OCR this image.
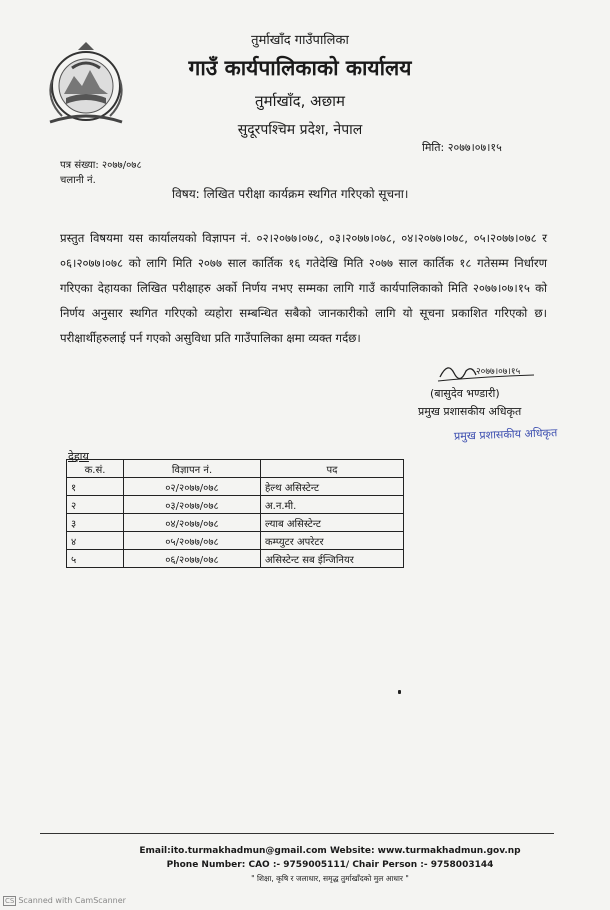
तुर्माखाँद गाउँपालिका
गाउँ कार्यपालिकाको कार्यालय
तुर्माखाँद, अछाम
सुदूरपश्चिम प्रदेश, नेपाल
मिति: २०७७।०७।१५
पत्र संख्या: २०७७/०७८
चलानी नं.
विषय: लिखित परीक्षा कार्यक्रम स्थगित गरिएको सूचना।
प्रस्तुत विषयमा यस कार्यालयको विज्ञापन नं. ०२।२०७७।०७८, ०३।२०७७।०७८, ०४।२०७७।०७८, ०५।२०७७।०७८ र ०६।२०७७।०७८ को लागि मिति २०७७ साल कार्तिक १६ गतेदेखि मिति २०७७ साल कार्तिक १८ गतेसम्म निर्धारण गरिएका देहायका लिखित परीक्षाहरु अर्को निर्णय नभए सम्मका लागि गाउँ कार्यपालिकाको मिति २०७७।०७।१५ को निर्णय अनुसार स्थगित गरिएको व्यहोरा सम्बन्धित सबैको जानकारीको लागि यो सूचना प्रकाशित गरिएको छ। परीक्षार्थीहरुलाई पर्न गएको असुविधा प्रति गाउँपालिका क्षमा व्यक्त गर्दछ।
२०७७।०७।१५
(बासुदेव भण्डारी)
प्रमुख प्रशासकीय अधिकृत
प्रमुख प्रशासकीय अधिकृत
देहाय
क.सं.	विज्ञापन नं.	पद
१	०२/२०७७/०७८	हेल्थ असिस्टेन्ट
२	०३/२०७७/०७८	अ.न.मी.
३	०४/२०७७/०७८	ल्याब असिस्टेन्ट
४	०५/२०७७/०७८	कम्प्युटर अपरेटर
५	०६/२०७७/०७८	असिस्टेन्ट सब ईन्जिनियर
Email:ito.turmakhadmun@gmail.com Website: www.turmakhadmun.gov.np
Phone Number: CAO :- 9759005111/ Chair Person :- 9758003144
" शिक्षा, कृषि र जलाधार, समृद्ध तुर्माखाँदको मुल आधार "
CS Scanned with CamScanner
